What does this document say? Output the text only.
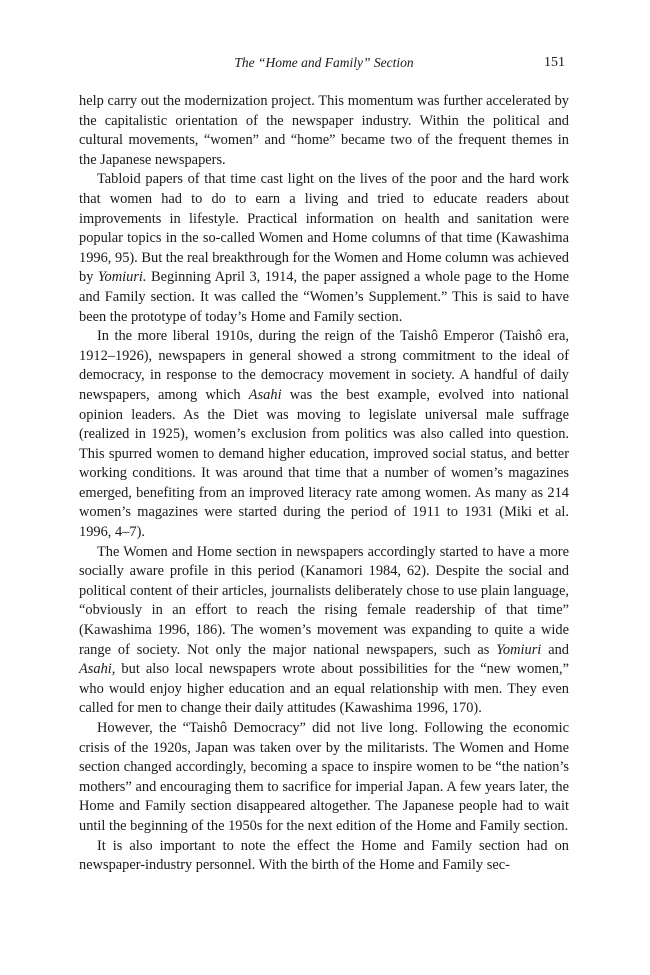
The “Home and Family” Section	151

help carry out the modernization project. This momentum was further accelerated by the capitalistic orientation of the newspaper industry. Within the political and cultural movements, “women” and “home” became two of the frequent themes in the Japanese newspapers.

Tabloid papers of that time cast light on the lives of the poor and the hard work that women had to do to earn a living and tried to educate readers about improvements in lifestyle. Practical information on health and sanitation were popular topics in the so-called Women and Home columns of that time (Kawashima 1996, 95). But the real breakthrough for the Women and Home column was achieved by Yomiuri. Beginning April 3, 1914, the paper assigned a whole page to the Home and Family section. It was called the “Women’s Supplement.” This is said to have been the prototype of today’s Home and Family section.

In the more liberal 1910s, during the reign of the Taishô Emperor (Taishô era, 1912–1926), newspapers in general showed a strong commitment to the ideal of democracy, in response to the democracy movement in society. A handful of daily newspapers, among which Asahi was the best example, evolved into national opinion leaders. As the Diet was moving to legislate universal male suffrage (realized in 1925), women’s exclusion from politics was also called into question. This spurred women to demand higher education, improved social status, and better working conditions. It was around that time that a number of women’s magazines emerged, benefiting from an improved literacy rate among women. As many as 214 women’s magazines were started during the period of 1911 to 1931 (Miki et al. 1996, 4–7).

The Women and Home section in newspapers accordingly started to have a more socially aware profile in this period (Kanamori 1984, 62). Despite the social and political content of their articles, journalists deliberately chose to use plain language, “obviously in an effort to reach the rising female readership of that time” (Kawashima 1996, 186). The women’s movement was expanding to quite a wide range of society. Not only the major national newspapers, such as Yomiuri and Asahi, but also local newspapers wrote about possibilities for the “new women,” who would enjoy higher education and an equal relationship with men. They even called for men to change their daily attitudes (Kawashima 1996, 170).

However, the “Taishô Democracy” did not live long. Following the economic crisis of the 1920s, Japan was taken over by the militarists. The Women and Home section changed accordingly, becoming a space to inspire women to be “the nation’s mothers” and encouraging them to sacrifice for imperial Japan. A few years later, the Home and Family section disappeared altogether. The Japanese people had to wait until the beginning of the 1950s for the next edition of the Home and Family section.

It is also important to note the effect the Home and Family section had on newspaper-industry personnel. With the birth of the Home and Family sec-
